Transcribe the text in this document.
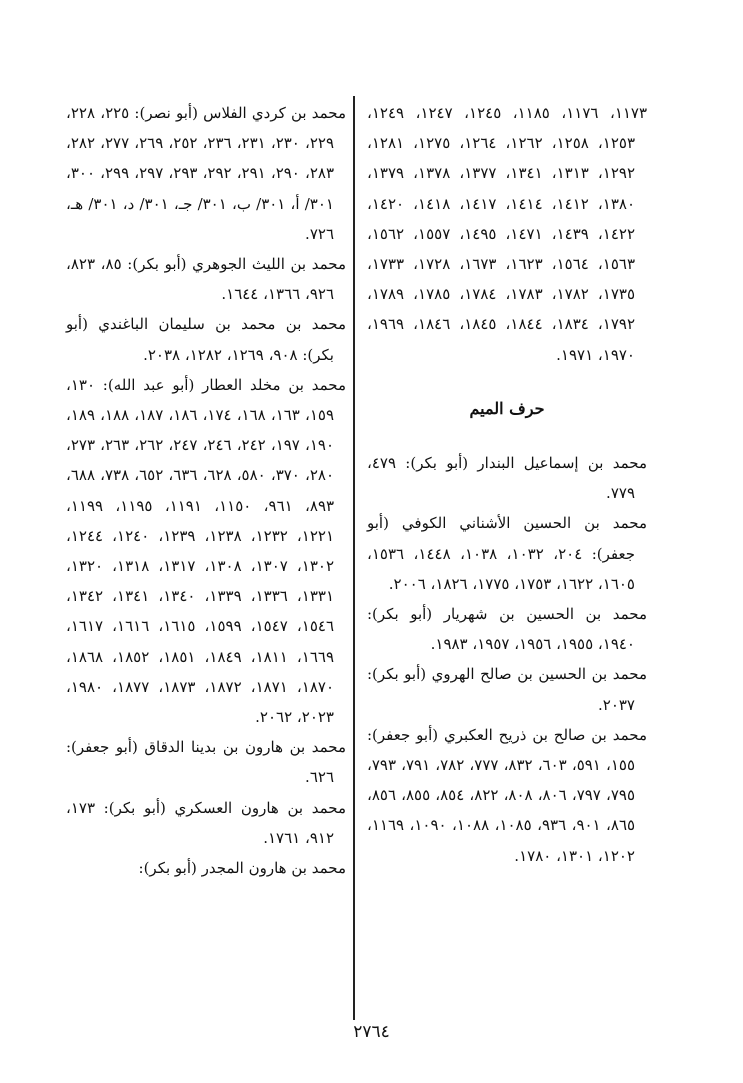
١١٧٣، ١١٧٦، ١١٨٥، ١٢٤٥، ١٢٤٧، ١٢٤٩، ١٢٥٣، ١٢٥٨، ١٢٦٢، ١٢٦٤، ١٢٧٥، ١٢٨١، ١٢٩٢، ١٣١٣، ١٣٤١، ١٣٧٧، ١٣٧٨، ١٣٧٩، ١٣٨٠، ١٤١٢، ١٤١٤، ١٤١٧، ١٤١٨، ١٤٢٠، ١٤٢٢، ١٤٣٩، ١٤٧١، ١٤٩٥، ١٥٥٧، ١٥٦٢، ١٥٦٣، ١٥٦٤، ١٦٢٣، ١٦٧٣، ١٧٢٨، ١٧٣٣، ١٧٣٥، ١٧٨٢، ١٧٨٣، ١٧٨٤، ١٧٨٥، ١٧٨٩، ١٧٩٢، ١٨٣٤، ١٨٤٤، ١٨٤٥، ١٨٤٦، ١٩٦٩، ١٩٧٠، ١٩٧١.

حرف الميم

محمد بن إسماعيل البندار (أبو بكر): ٤٧٩، ٧٧٩.

محمد بن الحسين الأشناني الكوفي (أبو جعفر): ٢٠٤، ١٠٣٢، ١٠٣٨، ١٤٤٨، ١٥٣٦، ١٦٠٥، ١٦٢٢، ١٧٥٣، ١٧٧٥، ١٨٢٦، ٢٠٠٦.

محمد بن الحسين بن شهريار (أبو بكر): ١٩٤٠، ١٩٥٥، ١٩٥٦، ١٩٥٧، ١٩٨٣.

محمد بن الحسين بن صالح الهروي (أبو بكر): ٢٠٣٧.

محمد بن صالح بن ذريح العكبري (أبو جعفر): ١٥٥، ٥٩١، ٦٠٣، ٨٣٢، ٧٧٧، ٧٨٢، ٧٩١، ٧٩٣، ٧٩٥، ٧٩٧، ٨٠٦، ٨٠٨، ٨٢٢، ٨٥٤، ٨٥٥، ٨٥٦، ٨٦٥، ٩٠١، ٩٣٦، ١٠٨٥، ١٠٨٨، ١٠٩٠، ١١٦٩، ١٢٠٢، ١٣٠١، ١٧٨٠.

محمد بن كردي الفلاس (أبو نصر): ٢٢٥، ٢٢٨، ٢٢٩، ٢٣٠، ٢٣١، ٢٣٦، ٢٥٢، ٢٦٩، ٢٧٧، ٢٨٢، ٢٨٣، ٢٩٠، ٢٩١، ٢٩٢، ٢٩٣، ٢٩٧، ٢٩٩، ٣٠٠، ٣٠١/ أ، ٣٠١/ ب، ٣٠١/ جـ، ٣٠١/ د، ٣٠١/ هـ، ٧٢٦.

محمد بن الليث الجوهري (أبو بكر): ٨٥، ٨٢٣، ٩٢٦، ١٣٦٦، ١٦٤٤.

محمد بن محمد بن سليمان الباغندي (أبو بكر): ٩٠٨، ١٢٦٩، ١٢٨٢، ٢٠٣٨.

محمد بن مخلد العطار (أبو عبد الله): ١٣٠، ١٥٩، ١٦٣، ١٦٨، ١٧٤، ١٨٦، ١٨٧، ١٨٨، ١٨٩، ١٩٠، ١٩٧، ٢٤٢، ٢٤٦، ٢٤٧، ٢٦٢، ٢٦٣، ٢٧٣، ٢٨٠، ٣٧٠، ٥٨٠، ٦٢٨، ٦٣٦، ٦٥٢، ٧٣٨، ٦٨٨، ٨٩٣، ٩٦١، ١١٥٠، ١١٩١، ١١٩٥، ١١٩٩، ١٢٢١، ١٢٣٢، ١٢٣٨، ١٢٣٩، ١٢٤٠، ١٢٤٤، ١٣٠٢، ١٣٠٧، ١٣٠٨، ١٣١٧، ١٣١٨، ١٣٢٠، ١٣٣١، ١٣٣٦، ١٣٣٩، ١٣٤٠، ١٣٤١، ١٣٤٢، ١٥٤٦، ١٥٤٧، ١٥٩٩، ١٦١٥، ١٦١٦، ١٦١٧، ١٦٦٩، ١٨١١، ١٨٤٩، ١٨٥١، ١٨٥٢، ١٨٦٨، ١٨٧٠، ١٨٧١، ١٨٧٢، ١٨٧٣، ١٨٧٧، ١٩٨٠، ٢٠٢٣، ٢٠٦٢.

محمد بن هارون بن بدينا الدقاق (أبو جعفر): ٦٢٦.

محمد بن هارون العسكري (أبو بكر): ١٧٣، ٩١٢، ١٧٦١.

محمد بن هارون المجدر (أبو بكر):

٢٧٦٤
